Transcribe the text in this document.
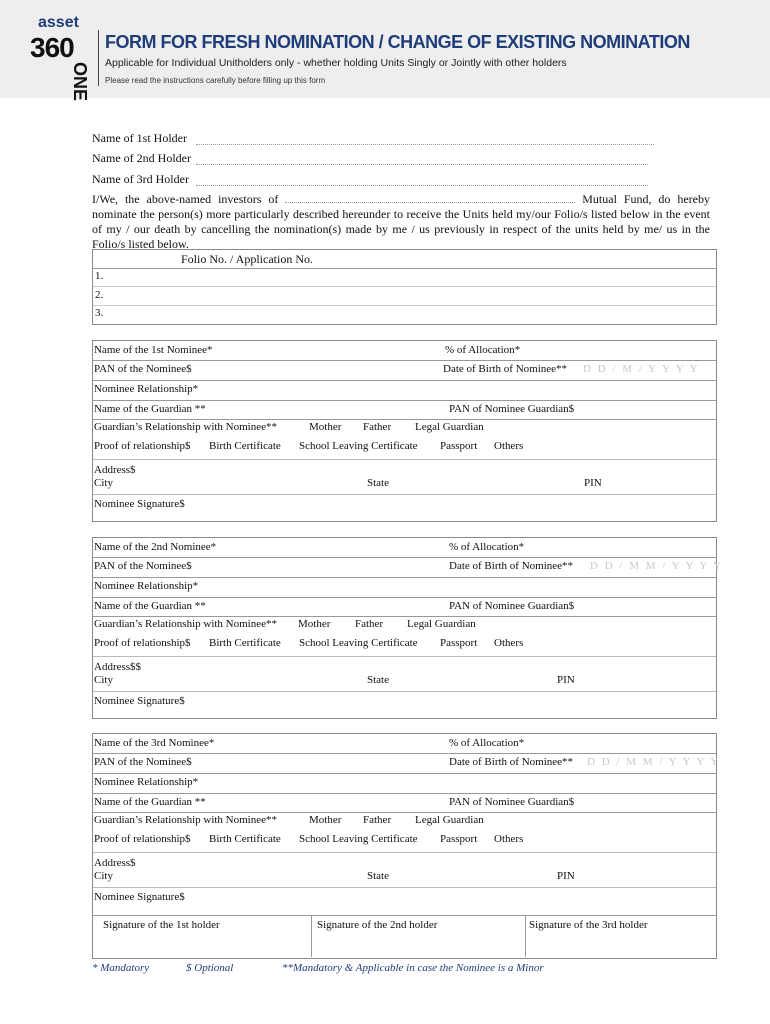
asset
360
ONE
FORM FOR FRESH NOMINATION / CHANGE OF EXISTING NOMINATION
Applicable for Individual Unitholders only - whether holding Units Singly or Jointly with other holders
Please read the instructions carefully before filling up this form
Name of 1st Holder
Name of 2nd Holder
Name of 3rd Holder
I/We, the above-named investors of	Mutual Fund, do hereby nominate the person(s) more particularly described hereunder to receive the Units held my/our Folio/s listed below in the event of my / our death by cancelling the nomination(s) made by me / us previously in respect of the units held by me/ us in the Folio/s listed below.
Folio No. / Application No.
1.
2.
3.
Name of the 1st Nominee*	% of Allocation*
PAN of the Nominee$	Date of Birth of Nominee** D D / M / Y Y Y Y
Nominee Relationship*
Name of the Guardian **	PAN of Nominee Guardian$
Guardian’s Relationship with Nominee**	Mother Father Legal Guardian
Proof of relationship$ Birth Certificate School Leaving Certificate Passport Others
Address$
City	State	PIN
Nominee Signature$
Name of the 2nd Nominee*	% of Allocation*
PAN of the Nominee$	Date of Birth of Nominee** D D / M M / Y Y Y Y
Nominee Relationship*
Name of the Guardian **	PAN of Nominee Guardian$
Guardian’s Relationship with Nominee** Mother Father Legal Guardian
Proof of relationship$ Birth Certificate School Leaving Certificate Passport Others
Address$$
City	State	PIN
Nominee Signature$
Name of the 3rd Nominee*	% of Allocation*
PAN of the Nominee$	Date of Birth of Nominee** D D / M M / Y Y Y Y
Nominee Relationship*
Name of the Guardian **	PAN of Nominee Guardian$
Guardian’s Relationship with Nominee**	Mother Father Legal Guardian
Proof of relationship$ Birth Certificate School Leaving Certificate Passport Others
Address$
City	State	PIN
Nominee Signature$
Signature of the 1st holder	Signature of the 2nd holder	Signature of the 3rd holder
* Mandatory	$ Optional	**Mandatory & Applicable in case the Nominee is a Minor
